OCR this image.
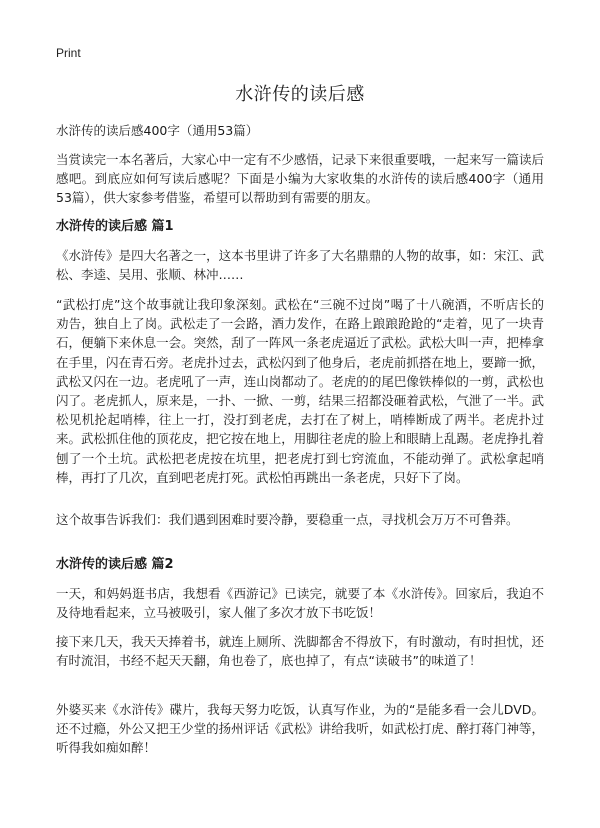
Print
水浒传的读后感

水浒传的读后感400字（通用53篇）

当赏读完一本名著后，大家心中一定有不少感悟，记录下来很重要哦，一起来写一篇读后感吧。到底应如何写读后感呢？下面是小编为大家收集的水浒传的读后感400字（通用53篇），供大家参考借鉴，希望可以帮助到有需要的朋友。

水浒传的读后感 篇1

《水浒传》是四大名著之一，这本书里讲了许多了大名鼎鼎的人物的故事，如：宋江、武松、李逵、吴用、张顺、林冲……

“武松打虎”这个故事就让我印象深刻。武松在“三碗不过岗”喝了十八碗酒，不听店长的劝告，独自上了岗。武松走了一会路，酒力发作，在路上踉踉跄跄的“走着，见了一块青石，便躺下来休息一会。突然，刮了一阵风一条老虎逼近了武松。武松大叫一声，把棒拿在手里，闪在青石旁。老虎扑过去，武松闪到了他身后，老虎前抓搭在地上，要蹄一掀，武松又闪在一边。老虎吼了一声，连山岗都动了。老虎的的尾巴像铁棒似的一剪，武松也闪了。老虎抓人，原来是，一扑、一掀、一剪，结果三招都没砸着武松，气泄了一半。武松见机抡起哨棒，往上一打，没打到老虎，去打在了树上，哨棒断成了两半。老虎扑过来。武松抓住他的顶花皮，把它按在地上，用脚往老虎的脸上和眼睛上乱踢。老虎挣扎着刨了一个土坑。武松把老虎按在坑里，把老虎打到七窍流血，不能动弹了。武松拿起哨棒，再打了几次，直到吧老虎打死。武松怕再跳出一条老虎，只好下了岗。

这个故事告诉我们：我们遇到困难时要冷静，要稳重一点，寻找机会万万不可鲁莽。

水浒传的读后感 篇2

一天，和妈妈逛书店，我想看《西游记》已读完，就要了本《水浒传》。回家后，我迫不及待地看起来，立马被吸引，家人催了多次才放下书吃饭！

接下来几天，我天天捧着书，就连上厕所、洗脚都舍不得放下，有时激动，有时担忧，还有时流泪，书经不起天天翻，角也卷了，底也掉了，有点“读破书”的味道了！

外婆买来《水浒传》碟片，我每天努力吃饭，认真写作业，为的“是能多看一会儿DVD。还不过瘾，外公又把王少堂的扬州评话《武松》讲给我听，如武松打虎、醉打蒋门神等，听得我如痴如醉！
